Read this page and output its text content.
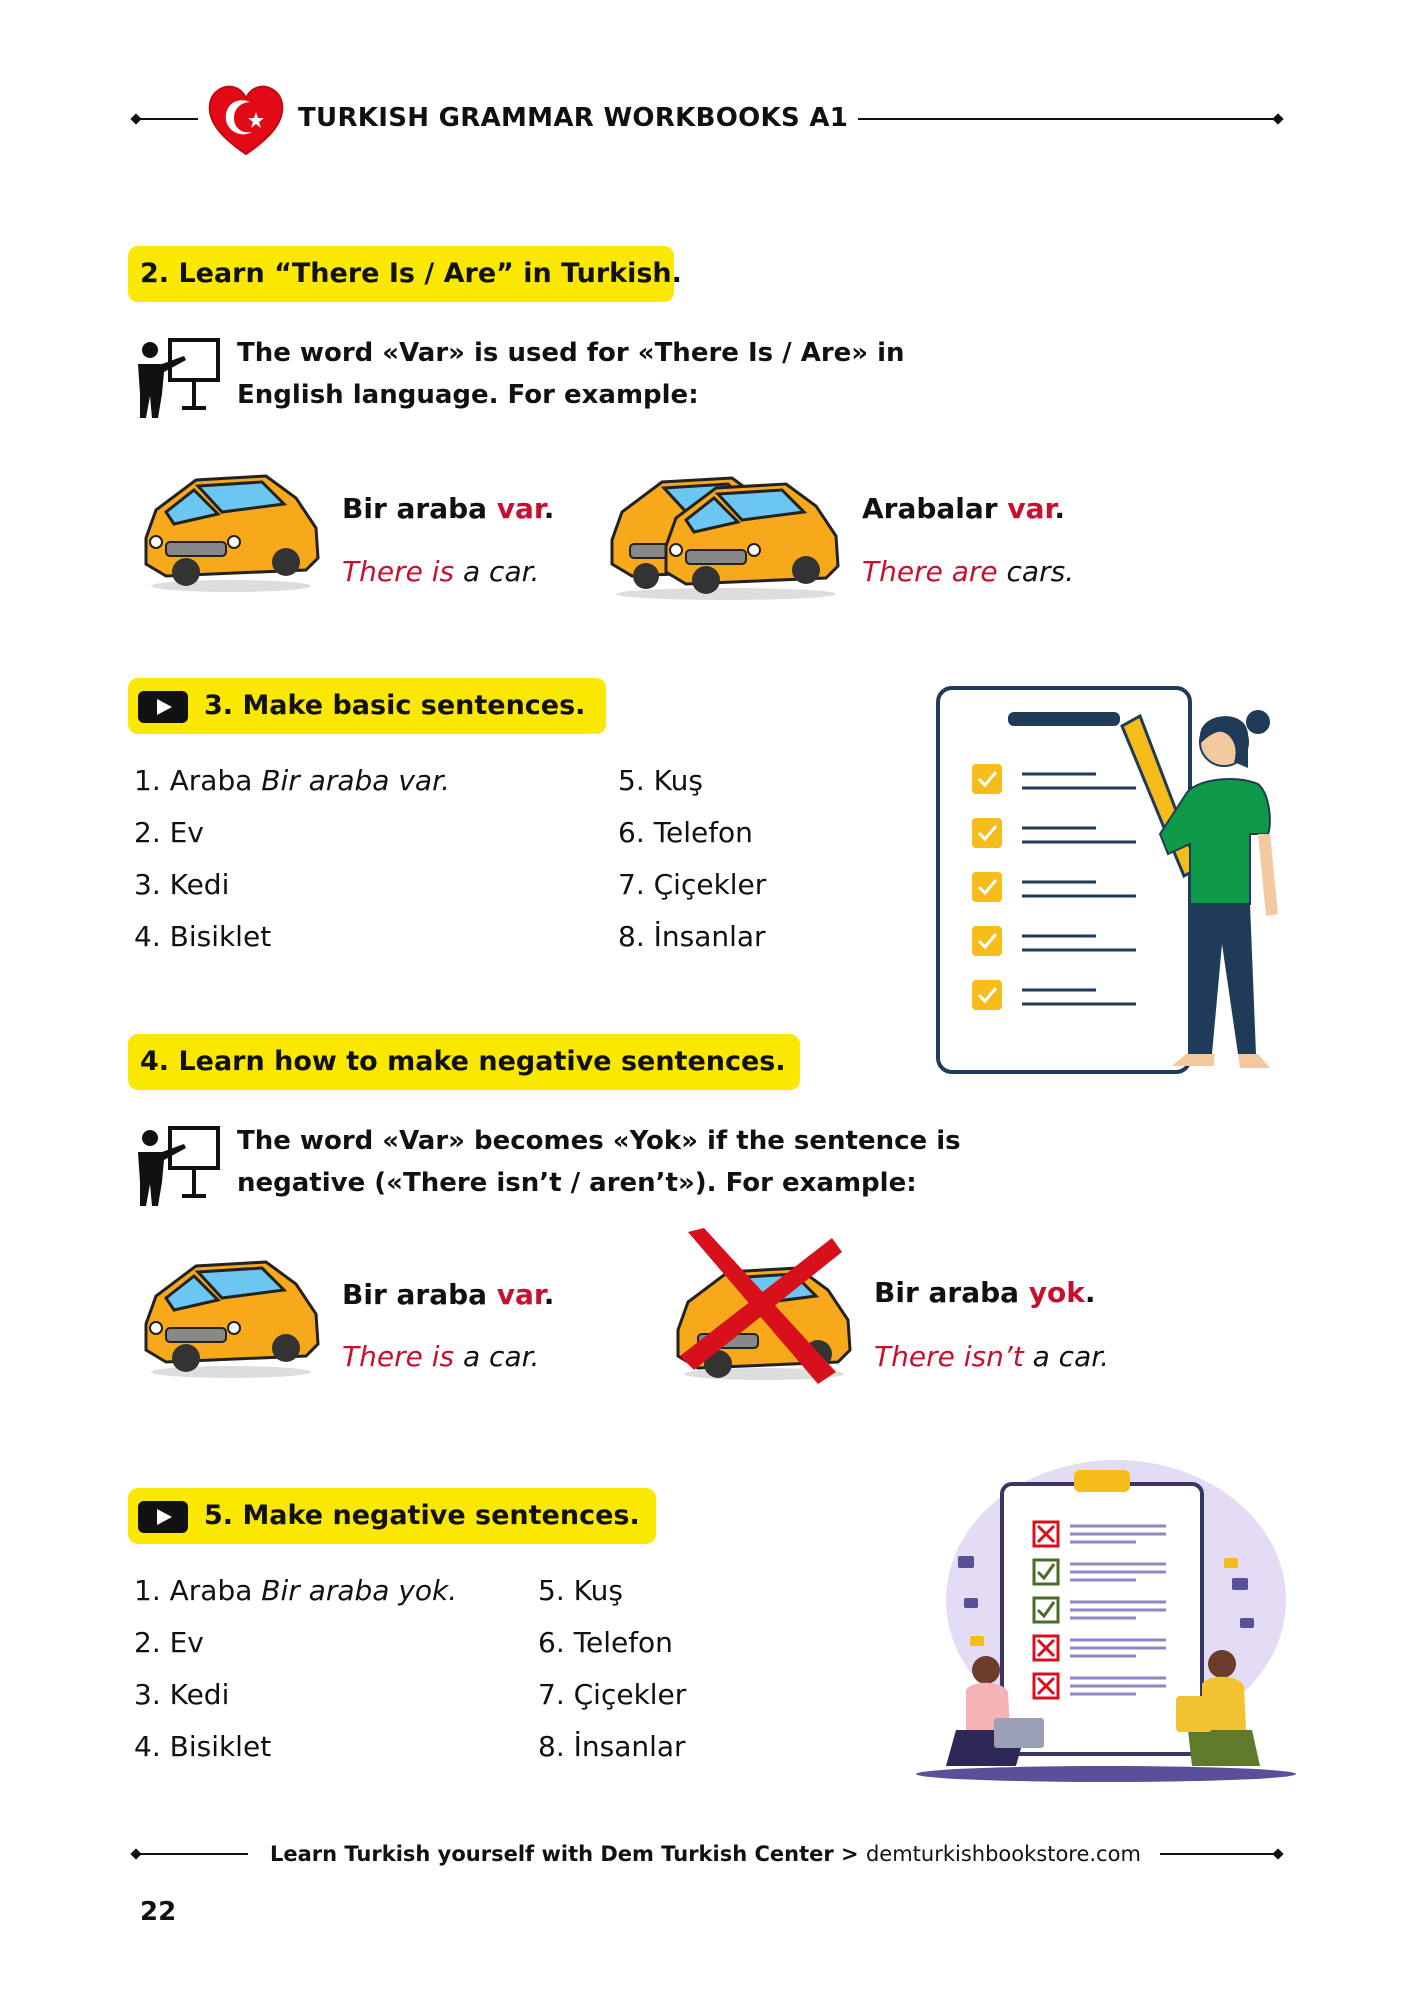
TURKISH GRAMMAR WORKBOOKS A1
2. Learn “There Is / Are” in Turkish.
The word «Var» is used for «There Is / Are» in
English language. For example:
Bir araba var.
There is a car.
Arabalar var.
There are cars.
3. Make basic sentences.
1. Araba Bir araba var.
2. Ev
3. Kedi
4. Bisiklet
5. Kuş
6. Telefon
7. Çiçekler
8. İnsanlar
4. Learn how to make negative sentences.
The word «Var» becomes «Yok» if the sentence is
negative («There isn’t / aren’t»). For example:
Bir araba var.
There is a car.
Bir araba yok.
There isn’t a car.
5. Make negative sentences.
1. Araba Bir araba yok.
2. Ev
3. Kedi
4. Bisiklet
5. Kuş
6. Telefon
7. Çiçekler
8. İnsanlar
Learn Turkish yourself with Dem Turkish Center > demturkishbookstore.com
22
